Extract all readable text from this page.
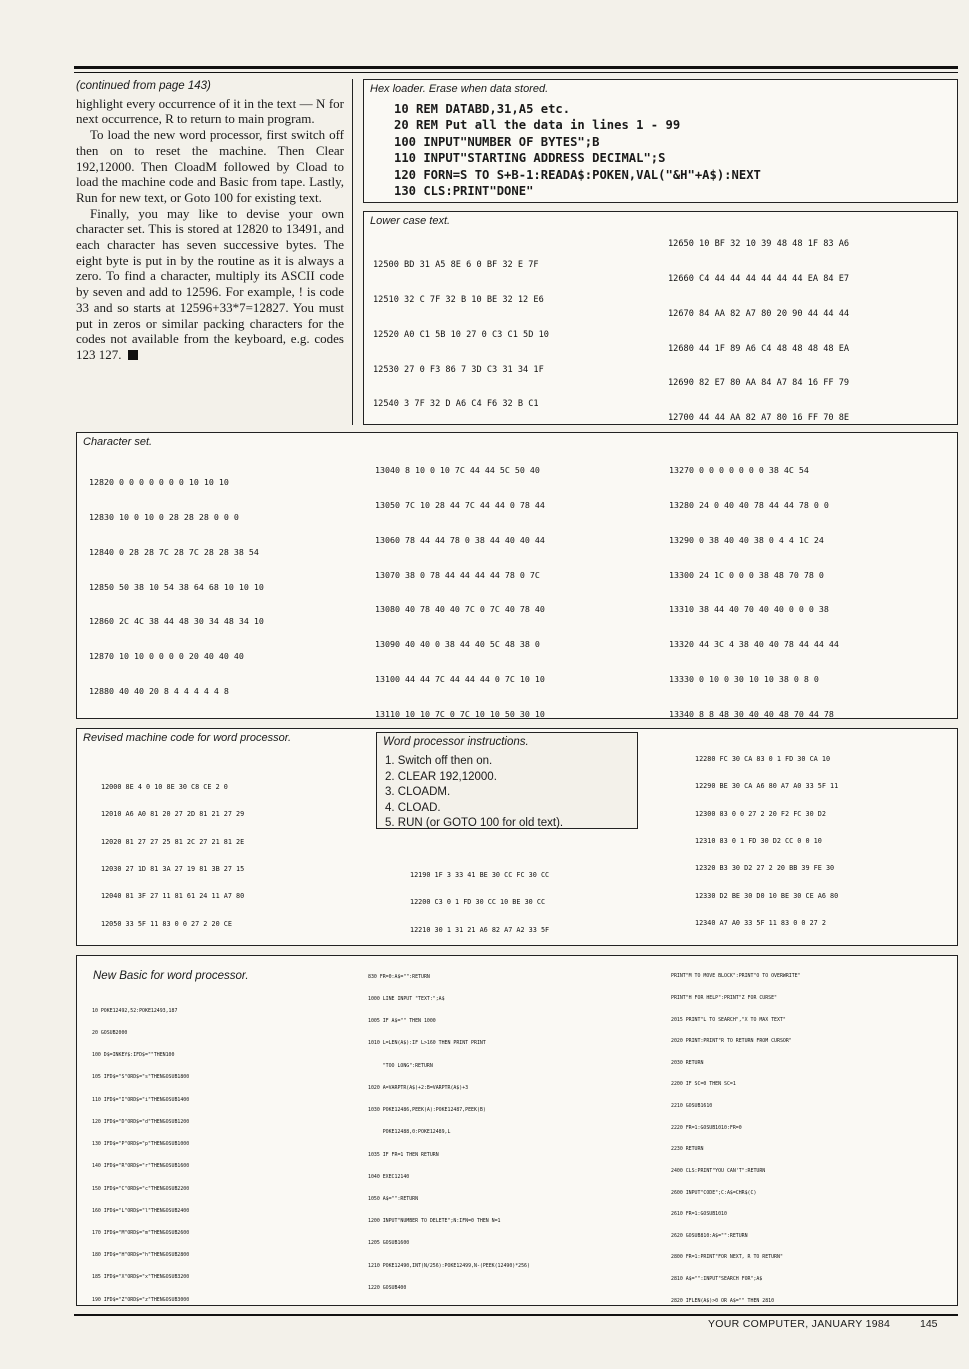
(continued from page 143)

highlight every occurrence of it in the text — N for next occurrence, R to return to main program.

To load the new word processor, first switch off then on to reset the machine. Then Clear 192,12000. Then CloadM followed by Cload to load the machine code and Basic from tape. Lastly, Run for new text, or Goto 100 for existing text.

Finally, you may like to devise your own character set. This is stored at 12820 to 13491, and each character has seven successive bytes. The eight byte is put in by the routine as it is always a zero. To find a character, multiply its ASCII code by seven and add to 12596. For example, ! is code 33 and so starts at 12596+33*7=12827. You must put in zeros or similar packing characters for the codes not available from the keyboard, e.g. codes 123 127.

Hex loader. Erase when data stored.
10 REM DATABD,31,A5 etc.
20 REM Put all the data in lines 1 - 99
100 INPUT"NUMBER OF BYTES";B
110 INPUT"STARTING ADDRESS DECIMAL";S
120 FORN=S TO S+B-1:READA$:POKEN,VAL("&H"+A$):NEXT
130 CLS:PRINT"DONE"
Lower case text.

12500 BD 31 A5 8E 6 0 BF 32 E 7F

12510 32 C 7F 32 B 10 BE 32 12 E6

12520 A0 C1 5B 10 27 0 C3 C1 5D 10

12530 27 0 F3 86 7 3D C3 31 34 1F

12540 3 7F 32 D A6 C4 F6 32 B C1

12650 10 BF 32 10 39 48 48 1F 83 A6

12660 C4 44 44 44 44 44 44 EA 84 E7

12670 84 AA 82 A7 80 20 90 44 44 44

12680 44 1F 89 A6 C4 48 48 48 48 EA

12690 82 E7 80 AA 84 A7 84 16 FF 79

12700 44 44 AA 82 A7 80 16 FF 70 8E

Character set.

12820 0 0 0 0 0 0 0 10 10 10

12830 10 0 10 0 28 28 28 0 0 0

12840 0 28 28 7C 28 7C 28 28 38 54

12850 50 38 10 54 38 64 68 10 10 10

12860 2C 4C 38 44 48 30 34 48 34 10

12870 10 10 0 0 0 0 20 40 40 40

12880 40 40 20 8 4 4 4 4 4 8

13040 8 10 0 10 7C 44 44 5C 50 40

13050 7C 10 28 44 7C 44 44 0 78 44

13060 78 44 44 78 0 38 44 40 40 44

13070 38 0 78 44 44 44 44 78 0 7C

13080 40 78 40 40 7C 0 7C 40 78 40

13090 40 40 0 38 44 40 5C 48 38 0

13100 44 44 7C 44 44 44 0 7C 10 10

13110 10 10 7C 0 7C 10 10 50 30 10

13270 0 0 0 0 0 0 0 38 4C 54

13280 24 0 40 40 78 44 44 78 0 0

13290 0 38 40 40 38 0 4 4 1C 24

13300 24 1C 0 0 0 38 48 70 78 0

13310 38 44 40 70 40 40 0 0 0 38

13320 44 3C 4 38 40 40 78 44 44 44

13330 0 10 0 30 10 10 38 0 8 0

13340 8 8 48 30 40 40 48 70 44 78

Revised machine code for word processor.

12000 8E 4 0 10 8E 30 C8 CE 2 0

12010 A6 A0 81 20 27 2D 81 21 27 29

12020 81 27 27 25 81 2C 27 21 81 2E

12030 27 1D 81 3A 27 19 81 3B 27 15

12040 81 3F 27 11 81 61 24 11 A7 80

12050 33 5F 11 83 0 0 27 2 20 CE

12190 1F 3 33 41 BE 30 CC FC 30 CC

12200 C3 0 1 FD 30 CC 10 BE 30 CC

12210 30 1 31 21 A6 82 A7 A2 33 5F

12280 FC 30 CA 83 0 1 FD 30 CA 10

12290 BE 30 CA A6 80 A7 A0 33 5F 11

12300 83 0 0 27 2 20 F2 FC 30 D2

12310 83 0 1 FD 30 D2 CC 0 0 10

12320 B3 30 D2 27 2 20 BB 39 FE 30

12330 D2 BE 30 D0 10 BE 30 CE A6 80

12340 A7 A0 33 5F 11 83 0 0 27 2

Word processor instructions.
1. Switch off then on.
2. CLEAR 192,12000.
3. CLOADM.
4. CLOAD.
5. RUN (or GOTO 100 for old text).
New Basic for word processor.

10 POKE12492,52:POKE12493,187

20 GOSUB2000

100 D$=INKEY$:IFD$=""THEN100

105 IFD$="S"ORD$="s"THENGOSUB1800

110 IFD$="I"ORD$="i"THENGOSUB1400

120 IFD$="D"ORD$="d"THENGOSUB1200

130 IFD$="P"ORD$="p"THENGOSUB1000

140 IFD$="R"ORD$="r"THENGOSUB1600

150 IFD$="C"ORD$="c"THENGOSUB2200

160 IFD$="L"ORD$="l"THENGOSUB2400

170 IFD$="M"ORD$="m"THENGOSUB2600

180 IFD$="H"ORD$="h"THENGOSUB2800

185 IFD$="X"ORD$="x"THENGOSUB3200

190 IFD$="Z"ORD$="z"THENGOSUB3000

830 FR=0:A$="":RETURN

1000 LINE INPUT "TEXT:";A$

1005 IF A$="" THEN 1000

1010 L=LEN(A$):IF L>160 THEN PRINT PRINT

"TOO LONG":RETURN

1020 A=VARPTR(A$)+2:B=VARPTR(A$)+3

1030 POKE12486,PEEK(A):POKE12487,PEEK(B)

POKE12488,0:POKE12489,L

1035 IF FR=1 THEN RETURN

1040 EXEC12140

1050 A$="":RETURN

1200 INPUT"NUMBER TO DELETE";N:IFN=0 THEN N=1

1205 GOSUB1600

1210 POKE12490,INT(N/256):POKE12499,N-(PEEK(12490)*256)

1220 GOSUB400

PRINT"M TO MOVE BLOCK":PRINT"O TO OVERWRITE"

PRINT"H FOR HELP":PRINT"Z FOR CURSE"

2015 PRINT"L TO SEARCH","X TO MAX TEXT"

2020 PRINT:PRINT"R TO RETURN FROM CURSOR"

2030 RETURN

2200 IF SC=0 THEN SC=1

2210 GOSUB1610

2220 FR=1:GOSUB1010:FR=0

2230 RETURN

2400 CLS:PRINT"YOU CAN'T":RETURN

2600 INPUT"CODE";C:A$=CHR$(C)

2610 FR=1:GOSUB1010

2620 GOSUB810:A$="":RETURN

2800 FR=1:PRINT"FOR NEXT, R TO RETURN"

2810 A$="":INPUT"SEARCH FOR";A$

2820 IFLEN(A$)>0 OR A$="" THEN 2810

YOUR COMPUTER, JANUARY 1984	145
